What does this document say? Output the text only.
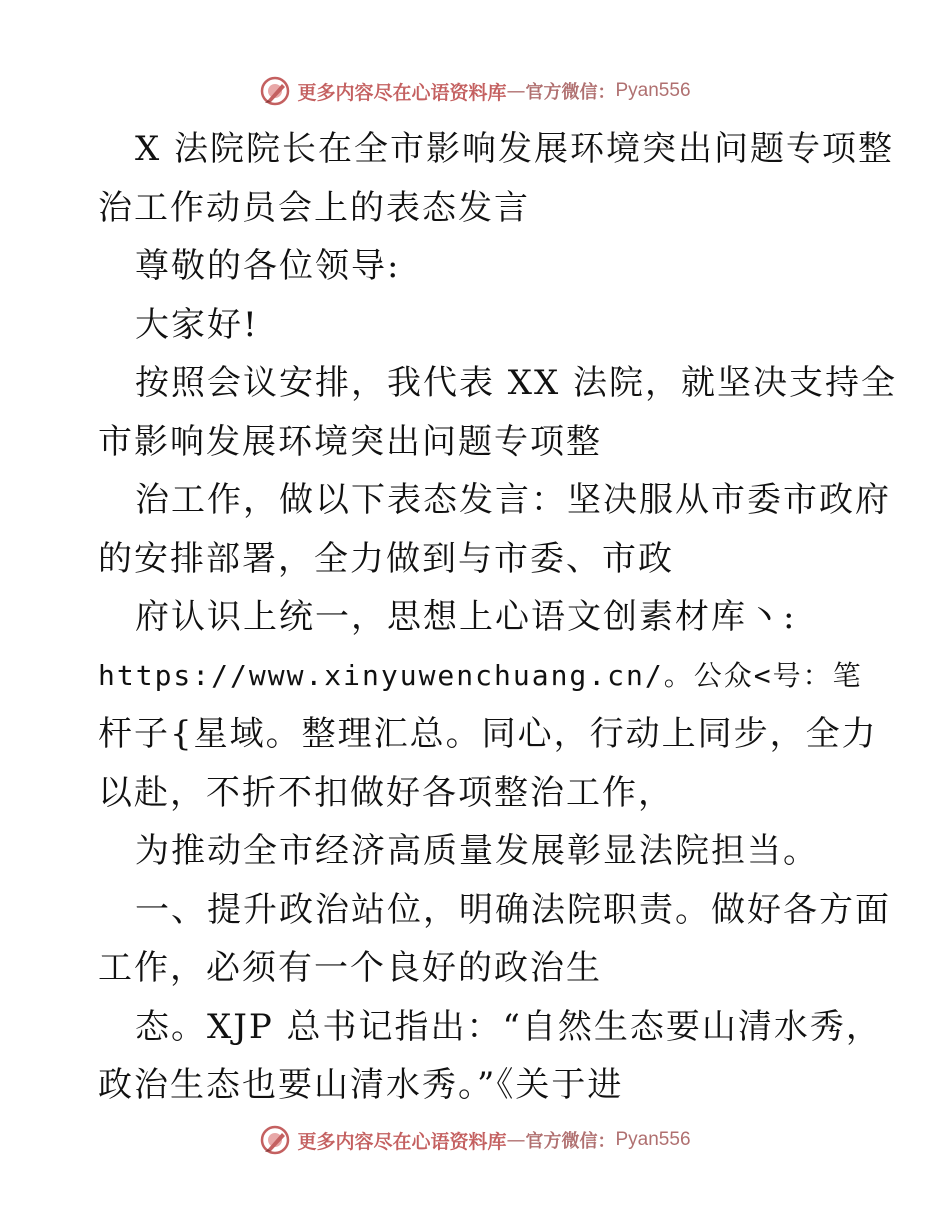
更多内容尽在心语资料库 — 官方微信： Pyan556
X 法院院长在全市影响发展环境突出问题专项整
治工作动员会上的表态发言
尊敬的各位领导:
大家好!
按照会议安排，我代表 XX 法院，就坚决支持全
市影响发展环境突出问题专项整
治工作，做以下表态发言：坚决服从市委市政府
的安排部署，全力做到与市委、市政
府认识上统一，思想上心语文创素材库丶:
https://www.xinyuwenchuang.cn/。公众<号：笔
杆子{星域。整理汇总。同心，行动上同步，全力
以赴，不折不扣做好各项整治工作，
为推动全市经济高质量发展彰显法院担当。
一、提升政治站位，明确法院职责。做好各方面
工作，必须有一个良好的政治生
态。XJP 总书记指出：“自然生态要山清水秀，
政治生态也要山清水秀。”《关于进
更多内容尽在心语资料库 — 官方微信： Pyan556
